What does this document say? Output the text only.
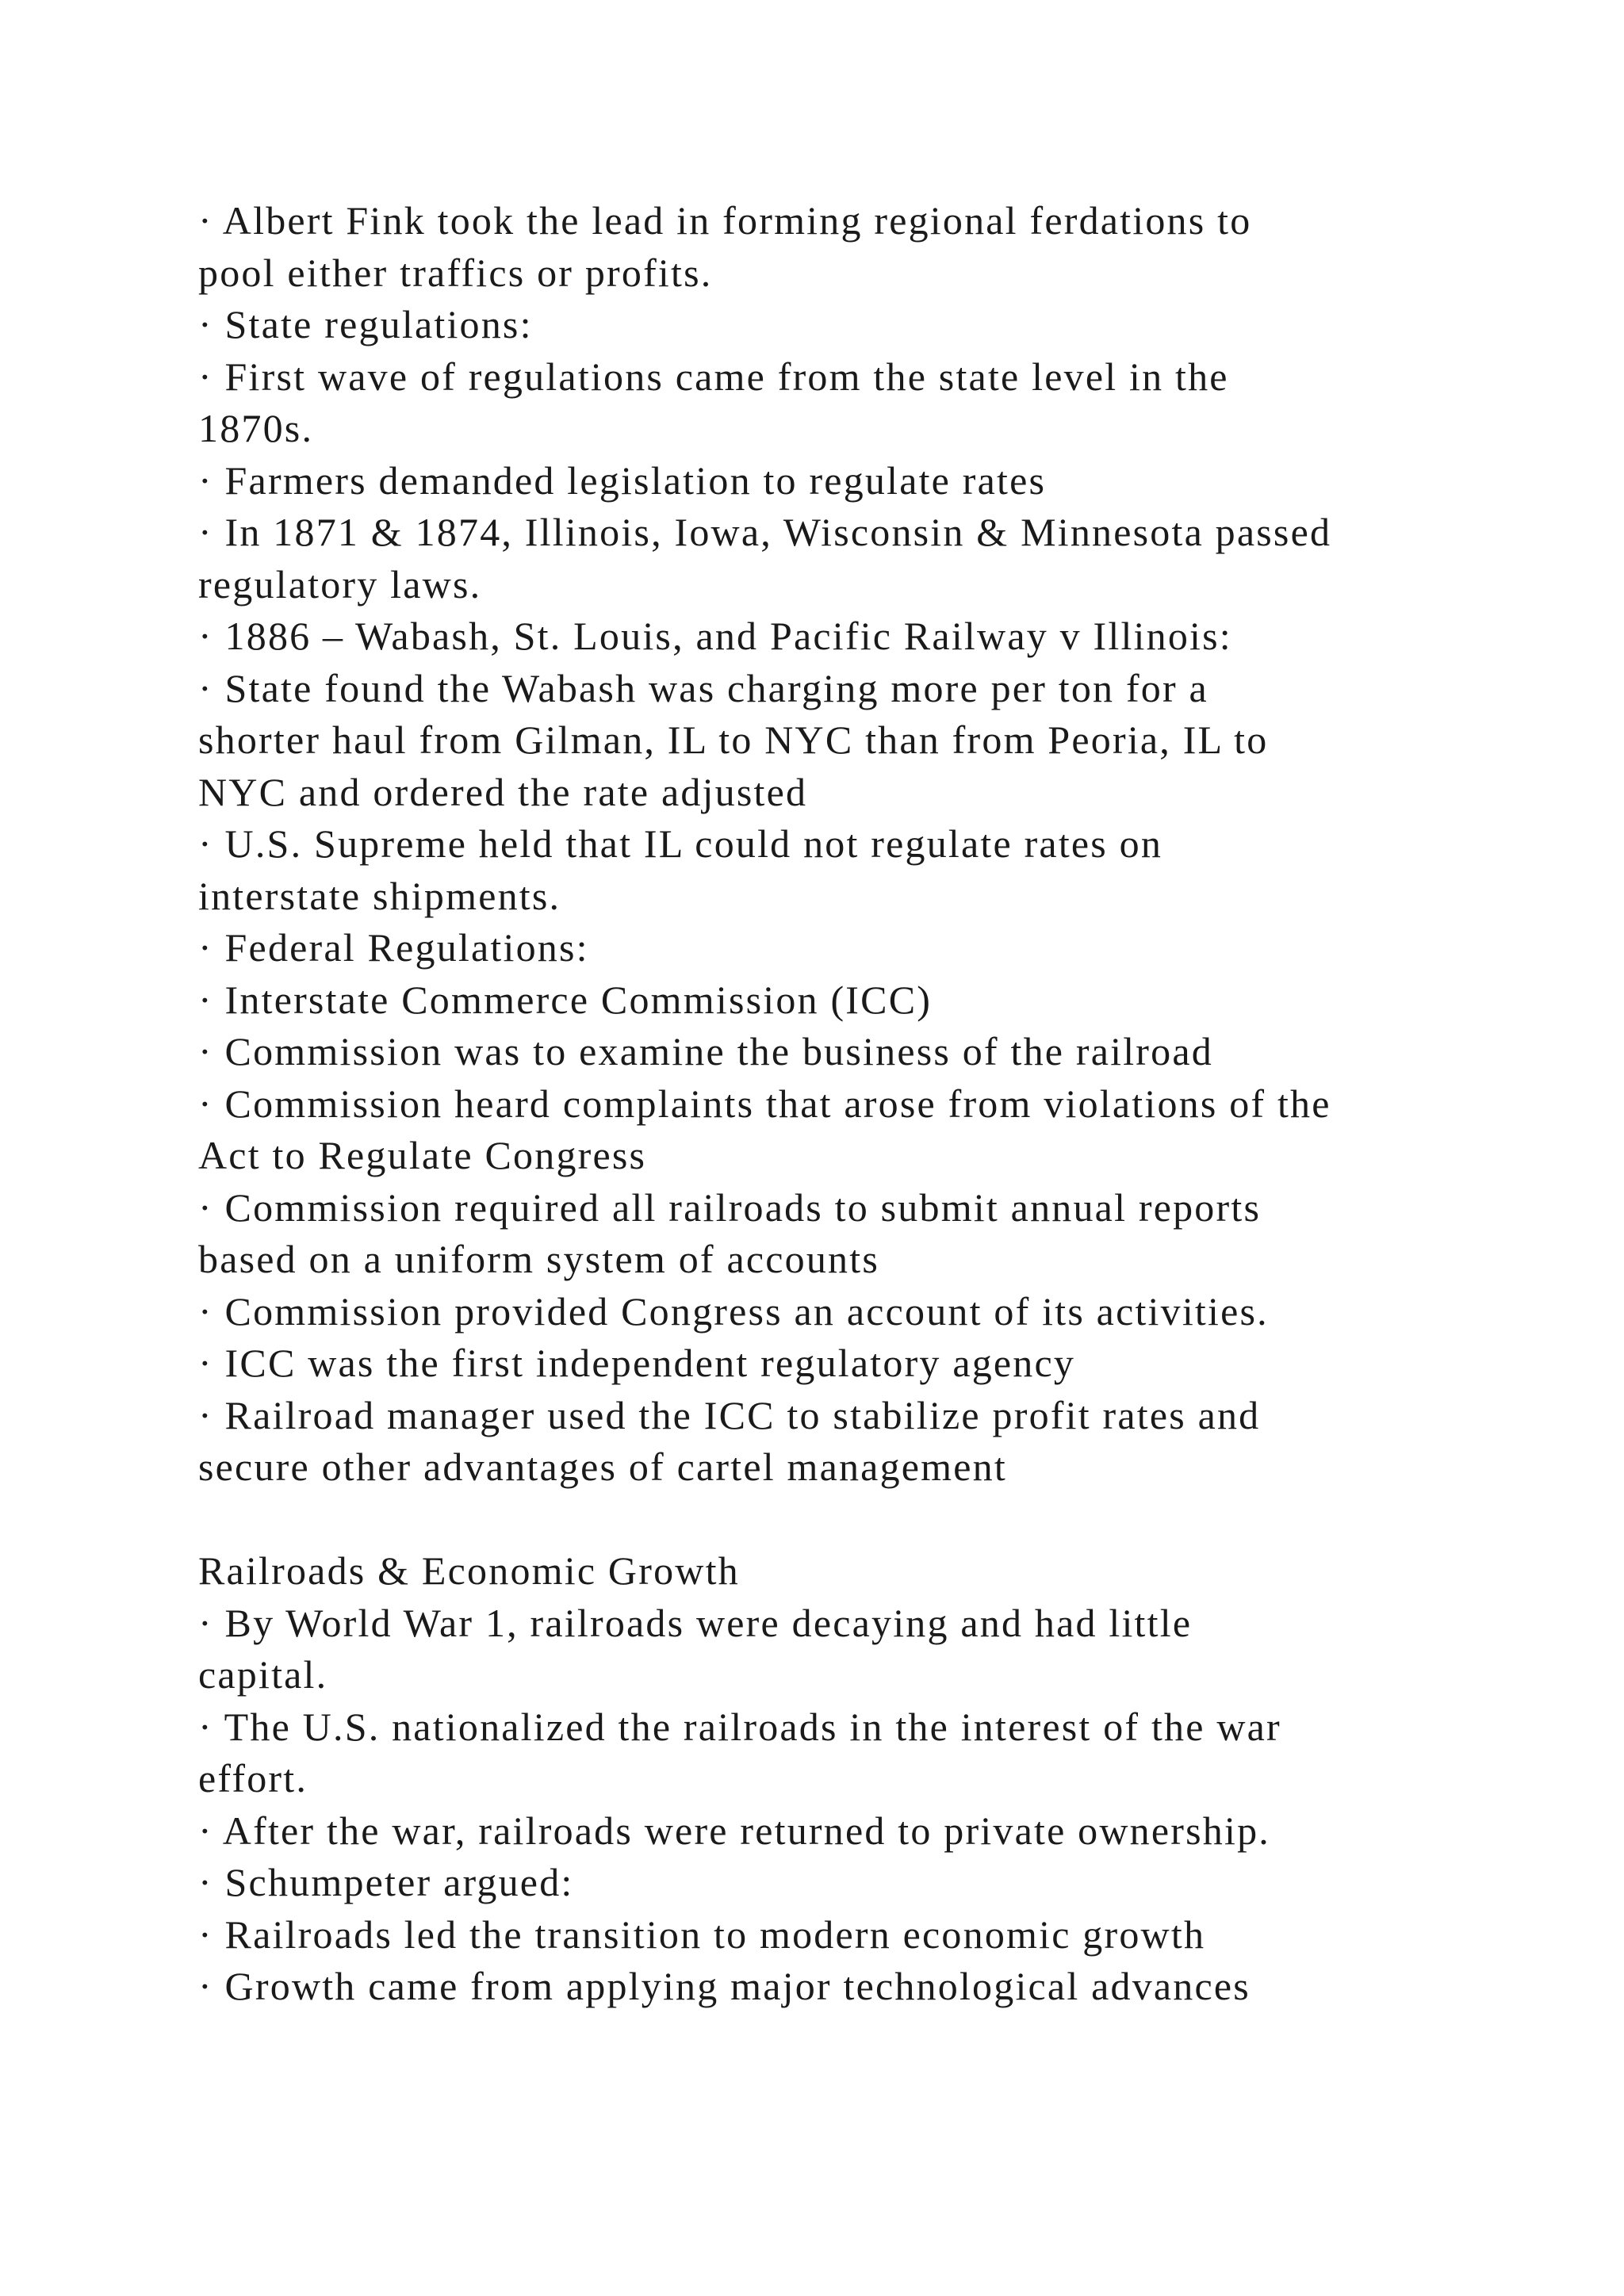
· Albert Fink took the lead in forming regional ferdations to
pool either traffics or profits.
· State regulations:
· First wave of regulations came from the state level in the
1870s.
· Farmers demanded legislation to regulate rates
· In 1871 & 1874, Illinois, Iowa, Wisconsin & Minnesota passed
regulatory laws.
· 1886 – Wabash, St. Louis, and Pacific Railway v Illinois:
· State found the Wabash was charging more per ton for a
shorter haul from Gilman, IL to NYC than from Peoria, IL to
NYC and ordered the rate adjusted
· U.S. Supreme held that IL could not regulate rates on
interstate shipments.
· Federal Regulations:
· Interstate Commerce Commission (ICC)
· Commission was to examine the business of the railroad
· Commission heard complaints that arose from violations of the
Act to Regulate Congress
· Commission required all railroads to submit annual reports
based on a uniform system of accounts
· Commission provided Congress an account of its activities.
· ICC was the first independent regulatory agency
· Railroad manager used the ICC to stabilize profit rates and
secure other advantages of cartel management
Railroads & Economic Growth
· By World War 1, railroads were decaying and had little
capital.
· The U.S. nationalized the railroads in the interest of the war
effort.
· After the war, railroads were returned to private ownership.
· Schumpeter argued:
· Railroads led the transition to modern economic growth
· Growth came from applying major technological advances
